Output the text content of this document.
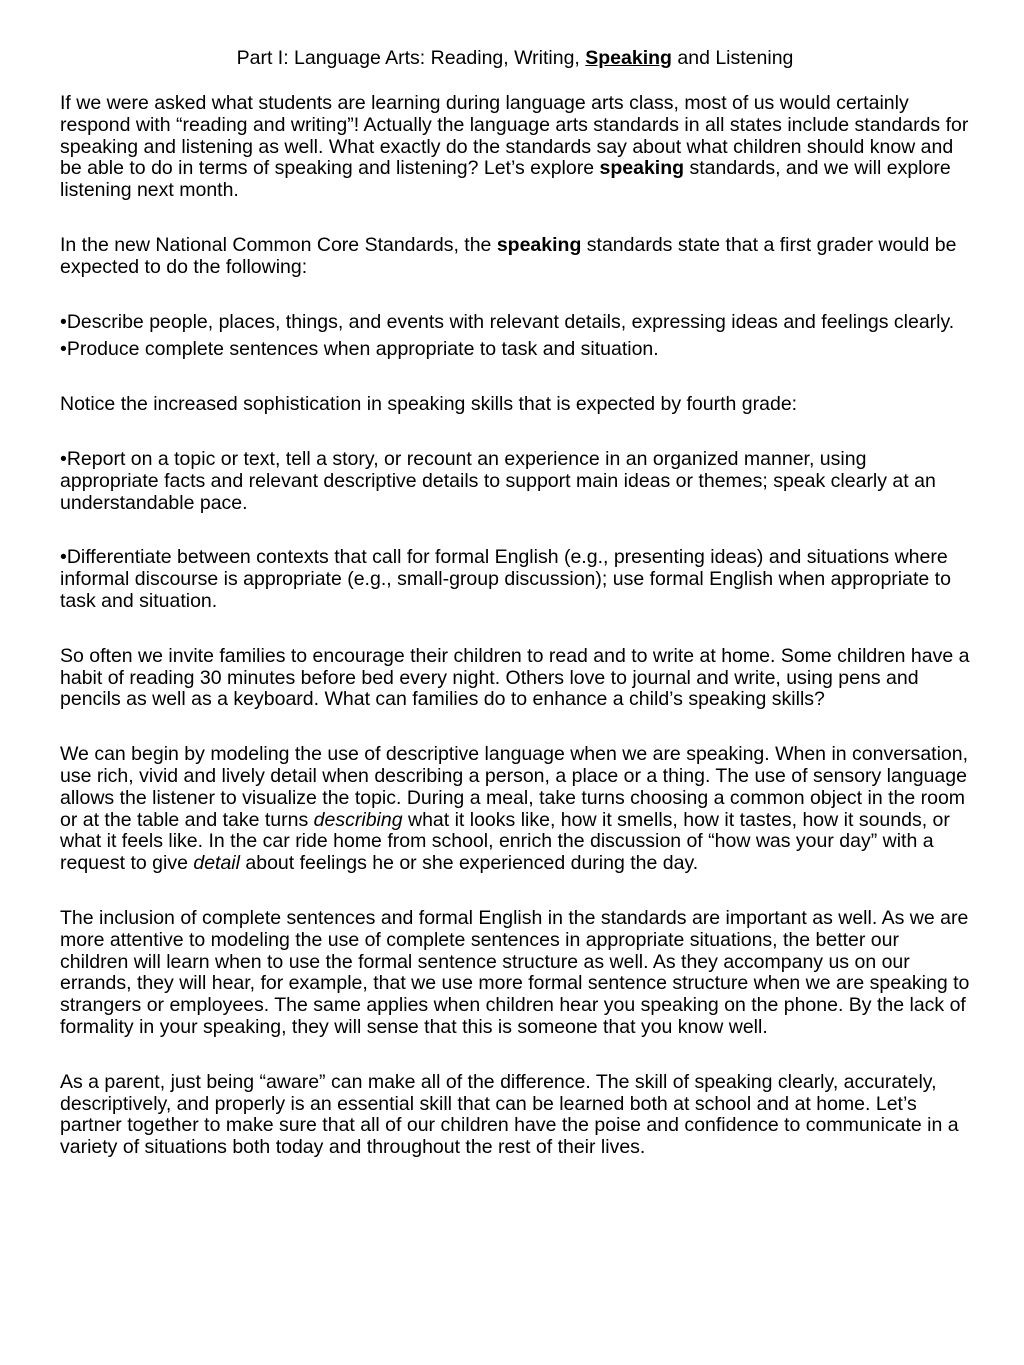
Part I: Language Arts: Reading, Writing, Speaking and Listening

If we were asked what students are learning during language arts class, most of us would certainly respond with “reading and writing”! Actually the language arts standards in all states include standards for speaking and listening as well. What exactly do the standards say about what children should know and be able to do in terms of speaking and listening? Let’s explore speaking standards, and we will explore listening next month.

In the new National Common Core Standards, the speaking standards state that a first grader would be expected to do the following:

•Describe people, places, things, and events with relevant details, expressing ideas and feelings clearly.

•Produce complete sentences when appropriate to task and situation.

Notice the increased sophistication in speaking skills that is expected by fourth grade:

•Report on a topic or text, tell a story, or recount an experience in an organized manner, using appropriate facts and relevant descriptive details to support main ideas or themes; speak clearly at an understandable pace.

•Differentiate between contexts that call for formal English (e.g., presenting ideas) and situations where informal discourse is appropriate (e.g., small-group discussion); use formal English when appropriate to task and situation.

So often we invite families to encourage their children to read and to write at home. Some children have a habit of reading 30 minutes before bed every night. Others love to journal and write, using pens and pencils as well as a keyboard. What can families do to enhance a child’s speaking skills?

We can begin by modeling the use of descriptive language when we are speaking. When in conversation, use rich, vivid and lively detail when describing a person, a place or a thing. The use of sensory language allows the listener to visualize the topic. During a meal, take turns choosing a common object in the room or at the table and take turns describing what it looks like, how it smells, how it tastes, how it sounds, or what it feels like. In the car ride home from school, enrich the discussion of “how was your day” with a request to give detail about feelings he or she experienced during the day.

The inclusion of complete sentences and formal English in the standards are important as well. As we are more attentive to modeling the use of complete sentences in appropriate situations, the better our children will learn when to use the formal sentence structure as well. As they accompany us on our errands, they will hear, for example, that we use more formal sentence structure when we are speaking to strangers or employees. The same applies when children hear you speaking on the phone. By the lack of formality in your speaking, they will sense that this is someone that you know well.

As a parent, just being “aware” can make all of the difference. The skill of speaking clearly, accurately, descriptively, and properly is an essential skill that can be learned both at school and at home. Let’s partner together to make sure that all of our children have the poise and confidence to communicate in a variety of situations both today and throughout the rest of their lives.
